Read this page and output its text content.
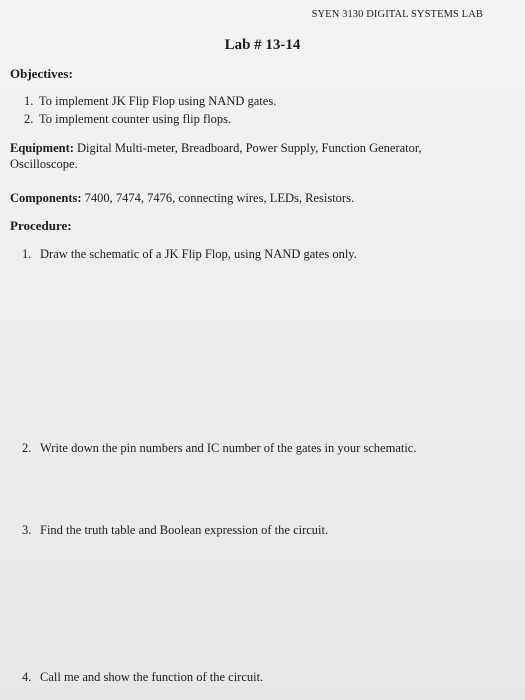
SYEN 3130 DIGITAL SYSTEMS LAB
Lab # 13-14
Objectives:
1. To implement JK Flip Flop using NAND gates.
2. To implement counter using flip flops.
Equipment: Digital Multi-meter, Breadboard, Power Supply, Function Generator, Oscilloscope.
Components: 7400, 7474, 7476, connecting wires, LEDs, Resistors.
Procedure:
1. Draw the schematic of a JK Flip Flop, using NAND gates only.
2. Write down the pin numbers and IC number of the gates in your schematic.
3. Find the truth table and Boolean expression of the circuit.
4. Call me and show the function of the circuit.
